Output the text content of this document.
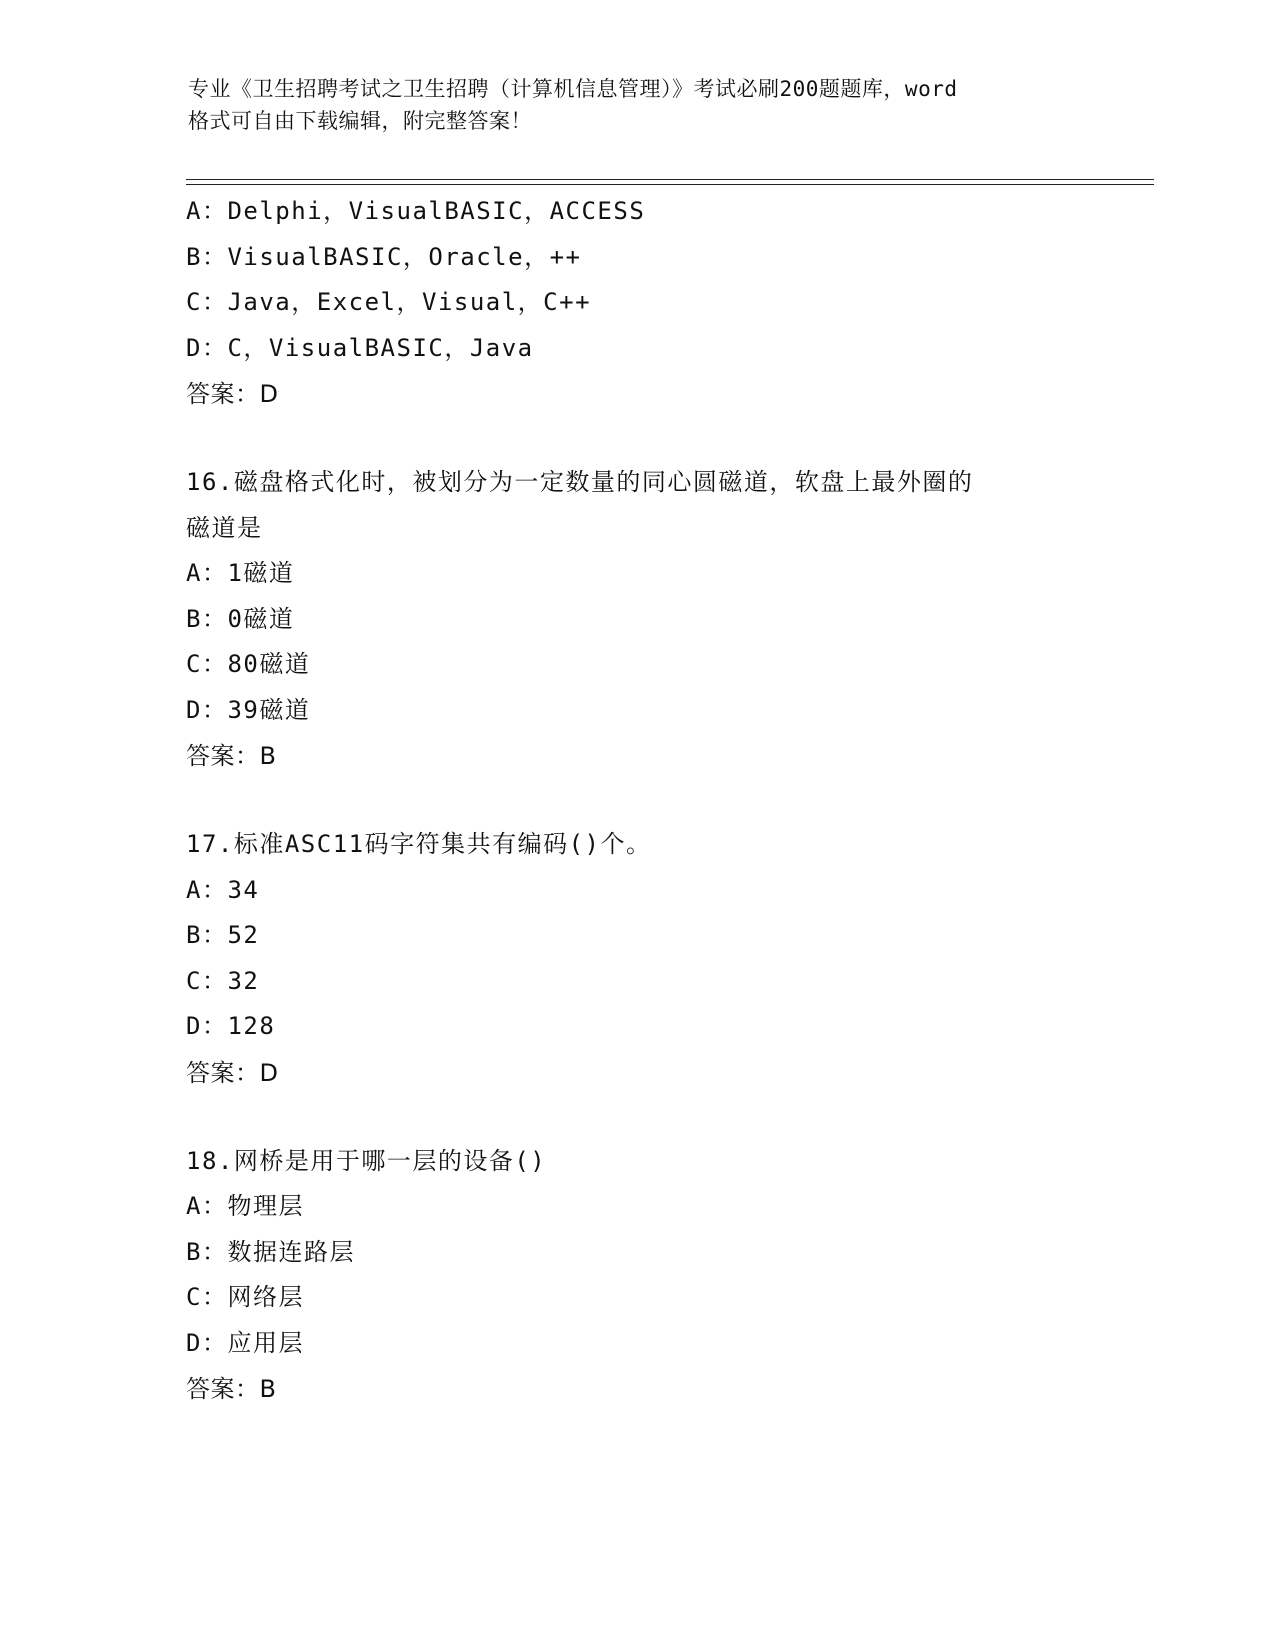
专业《卫生招聘考试之卫生招聘（计算机信息管理）》考试必刷200题题库，word
格式可自由下载编辑，附完整答案！
A：Delphi，VisualBASIC，ACCESS
B：VisualBASIC，Oracle，++
C：Java，Excel，Visual，C++
D：C，VisualBASIC，Java
答案：D
16.磁盘格式化时，被划分为一定数量的同心圆磁道，软盘上最外圈的
磁道是
A：1磁道
B：0磁道
C：80磁道
D：39磁道
答案：B
17.标准ASC11码字符集共有编码()个。
A：34
B：52
C：32
D：128
答案：D
18.网桥是用于哪一层的设备()
A：物理层
B：数据连路层
C：网络层
D：应用层
答案：B
